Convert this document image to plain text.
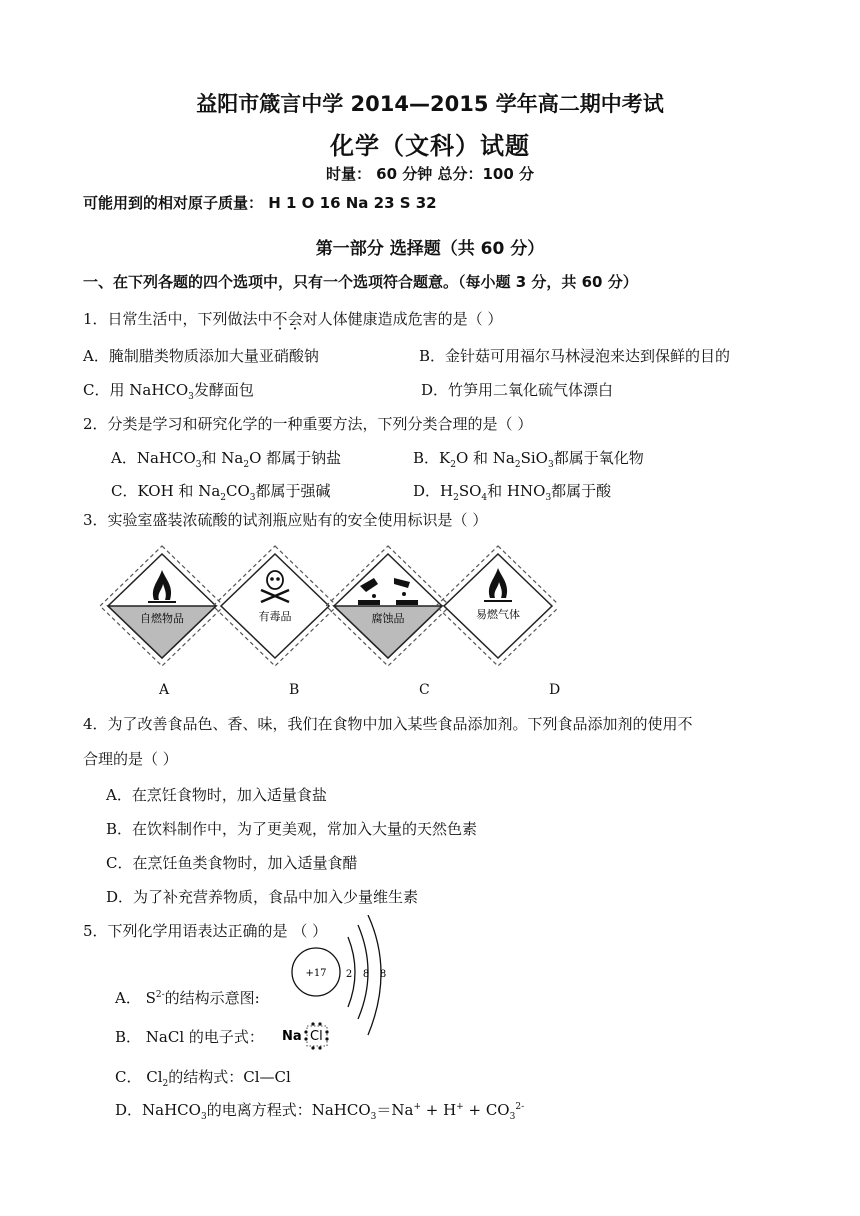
益阳市箴言中学 2014—2015 学年高二期中考试
化学（文科）试题
时量： 60 分钟 总分：100 分
可能用到的相对原子质量： H 1 O 16 Na 23 S 32
第一部分 选择题（共 60 分）
一、在下列各题的四个选项中，只有一个选项符合题意。（每小题 3 分，共 60 分）
1．日常生活中，下列做法中不会对人体健康造成危害的是（ ）
A．腌制腊类物质添加大量亚硝酸钠	B．金针菇可用福尔马林浸泡来达到保鲜的目的
C．用 NaHCO$_3$发酵面包	D．竹笋用二氧化硫气体漂白
2．分类是学习和研究化学的一种重要方法，下列分类合理的是（ ）
A．NaHCO$_3$和 $Na_2O$ 都属于钠盐	B．$K_2O$ 和 $Na_2SiO_3$都属于氧化物
C．KOH 和 $Na_2CO_3$都属于强碱	D．$H_2SO_4$和 $HNO_3$都属于酸
3．实验室盛装浓硫酸的试剂瓶应贴有的安全使用标识是（ ）
自燃物品	有毒品	腐蚀品	易燃气体
A	B	C	D
4．为了改善食品色、香、味，我们在食物中加入某些食品添加剂。下列食品添加剂的使用不
合理的是（ ）
A．在烹饪食物时，加入适量食盐
B．在饮料制作中，为了更美观，常加入大量的天然色素
C．在烹饪鱼类食物时，加入适量食醋
D．为了补充营养物质，食品中加入少量维生素
5．下列化学用语表达正确的是 （ ）
A． $S^{2-}$的结构示意图:
+17 2 8 8
B． NaCl 的电子式： Na Cl
C． $Cl_2$的结构式：Cl—Cl
D．NaHCO$_3$的电离方程式：NaHCO$_3$＝Na+ + $H^+ + CO_3^{2-}$
